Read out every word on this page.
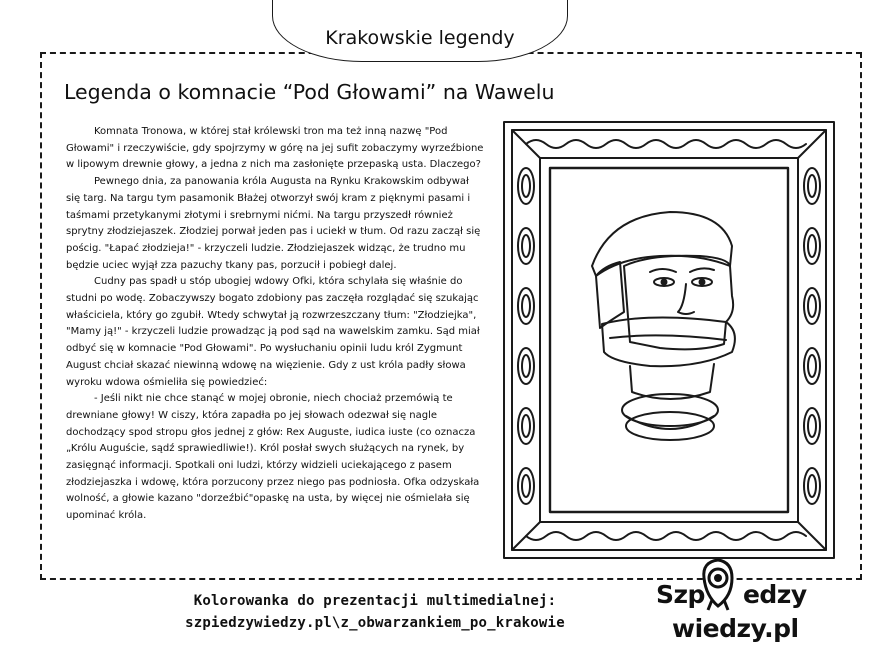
Krakowskie legendy
Legenda o komnacie “Pod Głowami” na Wawelu

Komnata Tronowa, w której stał królewski tron ma też inną nazwę "Pod Głowami" i rzeczywiście, gdy spojrzymy w górę na jej sufit zobaczymy wyrzeźbione w lipowym drewnie głowy, a jedna z nich ma zasłonięte przepaską usta. Dlaczego?

Pewnego dnia, za panowania króla Augusta na Rynku Krakowskim odbywał się targ. Na targu tym pasamonik Błażej otworzył swój kram z pięknymi pasami i taśmami przetykanymi złotymi i srebrnymi nićmi. Na targu przyszedł również sprytny złodziejaszek. Złodziej porwał jeden pas i uciekł w tłum. Od razu zaczął się pościg. "Łapać złodzieja!" - krzyczeli ludzie. Złodziejaszek widząc, że trudno mu będzie uciec wyjął zza pazuchy tkany pas, porzucił i pobiegł dalej.

Cudny pas spadł u stóp ubogiej wdowy Ofki, która schylała się właśnie do studni po wodę. Zobaczywszy bogato zdobiony pas zaczęła rozglądać się szukając właściciela, który go zgubił. Wtedy schwytał ją rozwrzeszczany tłum: "Złodziejka", "Mamy ją!" - krzyczeli ludzie prowadząc ją pod sąd na wawelskim zamku. Sąd miał odbyć się w komnacie "Pod Głowami". Po wysłuchaniu opinii ludu król Zygmunt August chciał skazać niewinną wdowę na więzienie. Gdy z ust króla padły słowa wyroku wdowa ośmieliła się powiedzieć:

- Jeśli nikt nie chce stanąć w mojej obronie, niech chociaż przemówią te drewniane głowy! W ciszy, która zapadła po jej słowach odezwał się nagle dochodzący spod stropu głos jednej z głów: Rex Auguste, iudica iuste (co oznacza „Królu Auguście, sądź sprawiedliwie!). Król posłał swych służących na rynek, by zasięgnąć informacji. Spotkali oni ludzi, którzy widzieli uciekającego z pasem złodziejaszka i wdowę, która porzucony przez niego pas podniosła. Ofka odzyskała wolność, a głowie kazano "dorzeźbić"opaskę na usta, by więcej nie ośmielała się upominać króla.

Kolorowanka do prezentacji multimedialnej:
szpiedzywiedzy.pl\z_obwarzankiem_po_krakowie
Szp edzy
wiedzy.pl
